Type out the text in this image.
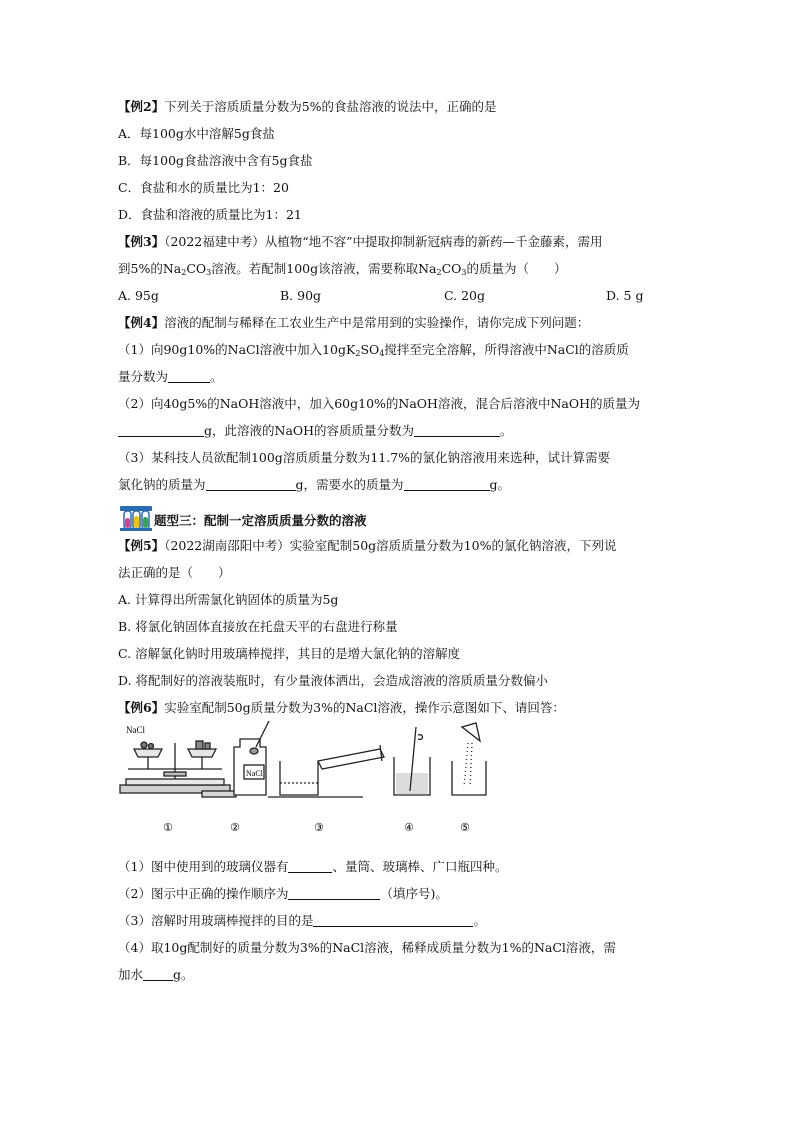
【例2】下列关于溶质质量分数为5%的食盐溶液的说法中，正确的是
A．每100g水中溶解5g食盐
B．每100g食盐溶液中含有5g食盐
C．食盐和水的质量比为1：20
D．食盐和溶液的质量比为1：21
【例3】（2022福建中考）从植物“地不容”中提取抑制新冠病毒的新药—千金藤素，需用
到5%的$Na_2CO_3$溶液。若配制100g该溶液，需要称取$Na_2CO_3$的质量为（　　）
A. 95g	B. 90g	C. 20g	D. 5 g
【例4】溶液的配制与稀释在工农业生产中是常用到的实验操作，请你完成下列问题：
（1）向90g10%的NaCl溶液中加入$10gK_2SO_4$搅拌至完全溶解，所得溶液中NaCl的溶质质
量分数为	。
（2）向40g5%的NaOH溶液中，加入60g10%的NaOH溶液，混合后溶液中NaOH的质量为
g，此溶液的NaOH的容质质量分数为	。
（3）某科技人员欲配制100g溶质质量分数为11.7%的氯化钠溶液用来选种，试计算需要
氯化钠的质量为	g，需要水的质量为	g。
题型三：配制一定溶质质量分数的溶液
【例5】（2022湖南邵阳中考）实验室配制50g溶质质量分数为10%的氯化钠溶液，下列说
法正确的是（　　）
A. 计算得出所需氯化钠固体的质量为5g
B. 将氯化钠固体直接放在托盘天平的右盘进行称量
C. 溶解氯化钠时用玻璃棒搅拌，其目的是增大氯化钠的溶解度
D. 将配制好的溶液装瓶时，有少量液体洒出，会造成溶液的溶质质量分数偏小
【例6】实验室配制50g质量分数为3%的NaCl溶液，操作示意图如下、请回答：
NaCl
NaCl
①	②	③	④	⑤
（1）图中使用到的玻璃仪器有	、量筒、玻璃棒、广口瓶四种。
（2）图示中正确的操作顺序为	（填序号)。
（3）溶解时用玻璃棒搅拌的目的是	。
（4）取10g配制好的质量分数为3%的NaCl溶液，稀释成质量分数为1%的NaCl溶液，需
加水 g。
